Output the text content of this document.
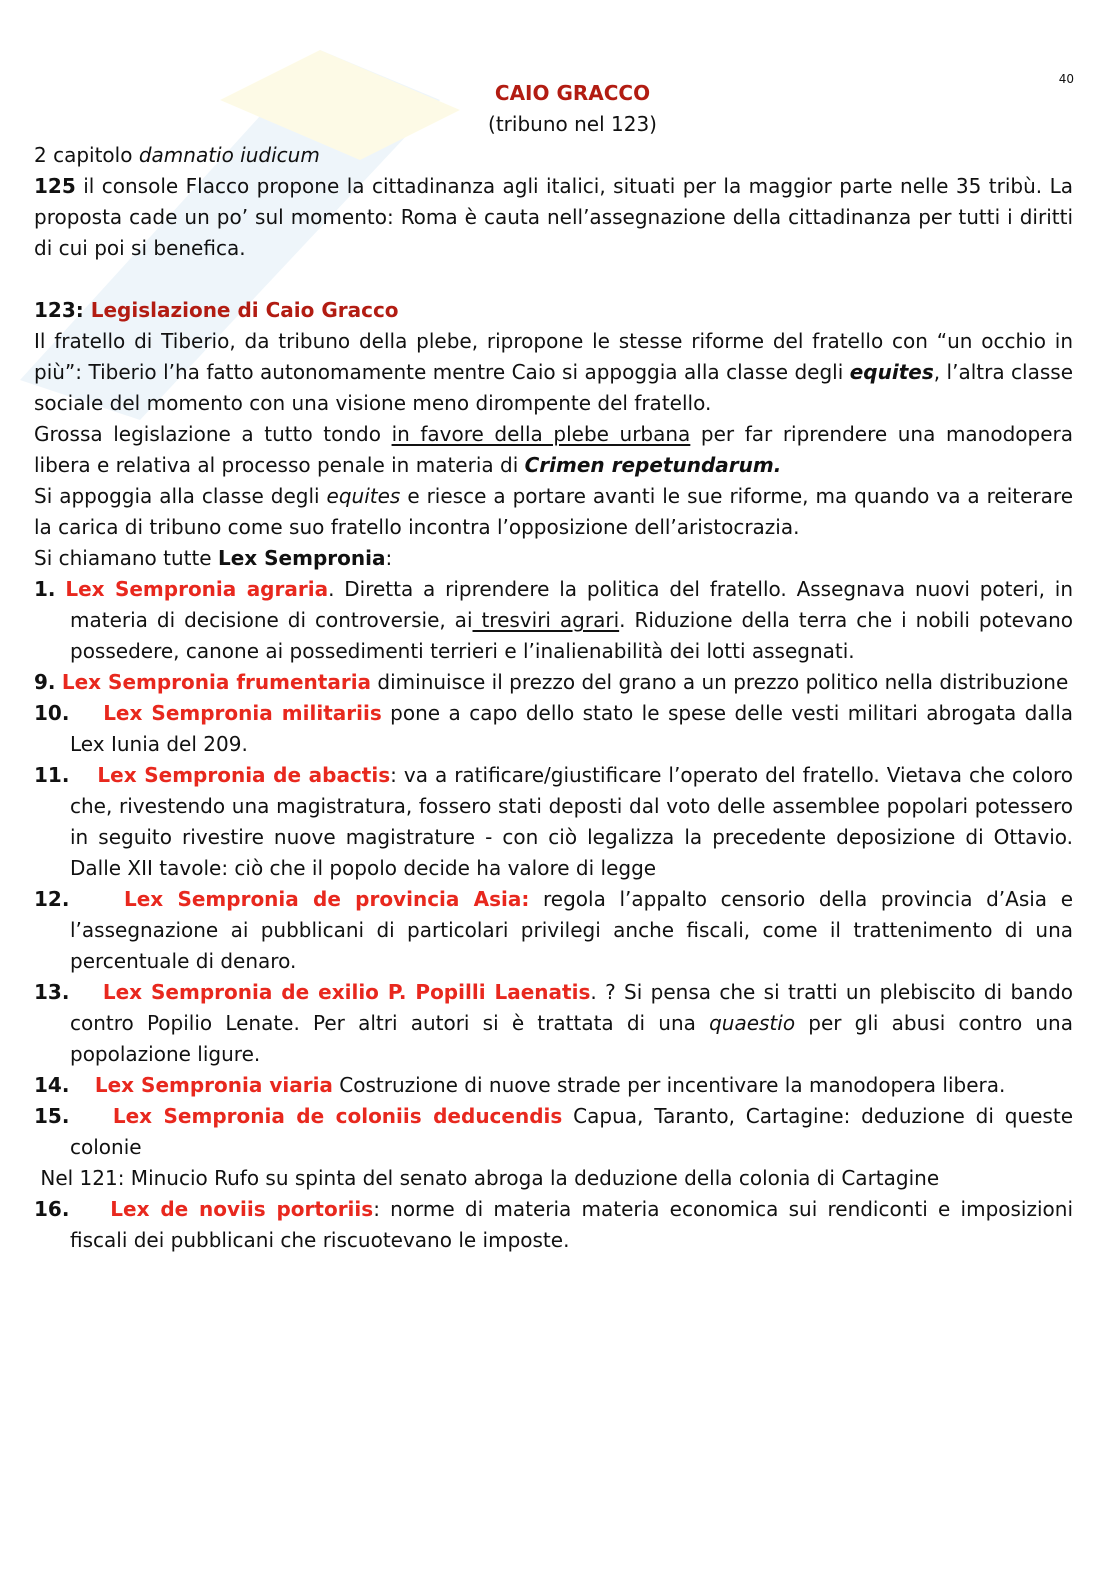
40

CAIO GRACCO

(tribuno nel 123)

2 capitolo damnatio iudicum

125 il console Flacco propone la cittadinanza agli italici, situati per la maggior parte nelle 35 tribù. La proposta cade un po’ sul momento: Roma è cauta nell’assegnazione della cittadinanza per tutti i diritti di cui poi si benefica.

123: Legislazione di Caio Gracco

Il fratello di Tiberio, da tribuno della plebe, ripropone le stesse riforme del fratello con “un occhio in più”: Tiberio l’ha fatto autonomamente mentre Caio si appoggia alla classe degli equites, l’altra classe sociale del momento con una visione meno dirompente del fratello.

Grossa legislazione a tutto tondo in favore della plebe urbana per far riprendere una manodopera libera e relativa al processo penale in materia di Crimen repetundarum.

Si appoggia alla classe degli equites e riesce a portare avanti le sue riforme, ma quando va a reiterare la carica di tribuno come suo fratello incontra l’opposizione dell’aristocrazia.

Si chiamano tutte Lex Sempronia:

1. Lex Sempronia agraria. Diretta a riprendere la politica del fratello. Assegnava nuovi poteri, in materia di decisione di controversie, ai tresviri agrari. Riduzione della terra che i nobili potevano possedere, canone ai possedimenti terrieri e l’inalienabilità dei lotti assegnati.

9. Lex Sempronia frumentaria diminuisce il prezzo del grano a un prezzo politico nella distribuzione

10. Lex Sempronia militariis pone a capo dello stato le spese delle vesti militari abrogata dalla Lex Iunia del 209.

11. Lex Sempronia de abactis: va a ratificare/giustificare l’operato del fratello. Vietava che coloro che, rivestendo una magistratura, fossero stati deposti dal voto delle assemblee popolari potessero in seguito rivestire nuove magistrature - con ciò legalizza la precedente deposizione di Ottavio. Dalle XII tavole: ciò che il popolo decide ha valore di legge

12.	Lex Sempronia de provincia Asia: regola l’appalto censorio della provincia d’Asia e l’assegnazione ai pubblicani di particolari privilegi anche fiscali, come il trattenimento di una percentuale di denaro.

13. Lex Sempronia de exilio P. Popilli Laenatis. ? Si pensa che si tratti un plebiscito di bando contro Popilio Lenate. Per altri autori si è trattata di una quaestio per gli abusi contro una popolazione ligure.

14. Lex Sempronia viaria Costruzione di nuove strade per incentivare la manodopera libera.

15. Lex Sempronia de coloniis deducendis Capua, Taranto, Cartagine: deduzione di queste colonie

Nel 121: Minucio Rufo su spinta del senato abroga la deduzione della colonia di Cartagine

16. Lex de noviis portoriis: norme di materia materia economica sui rendiconti e imposizioni fiscali dei pubblicani che riscuotevano le imposte.
